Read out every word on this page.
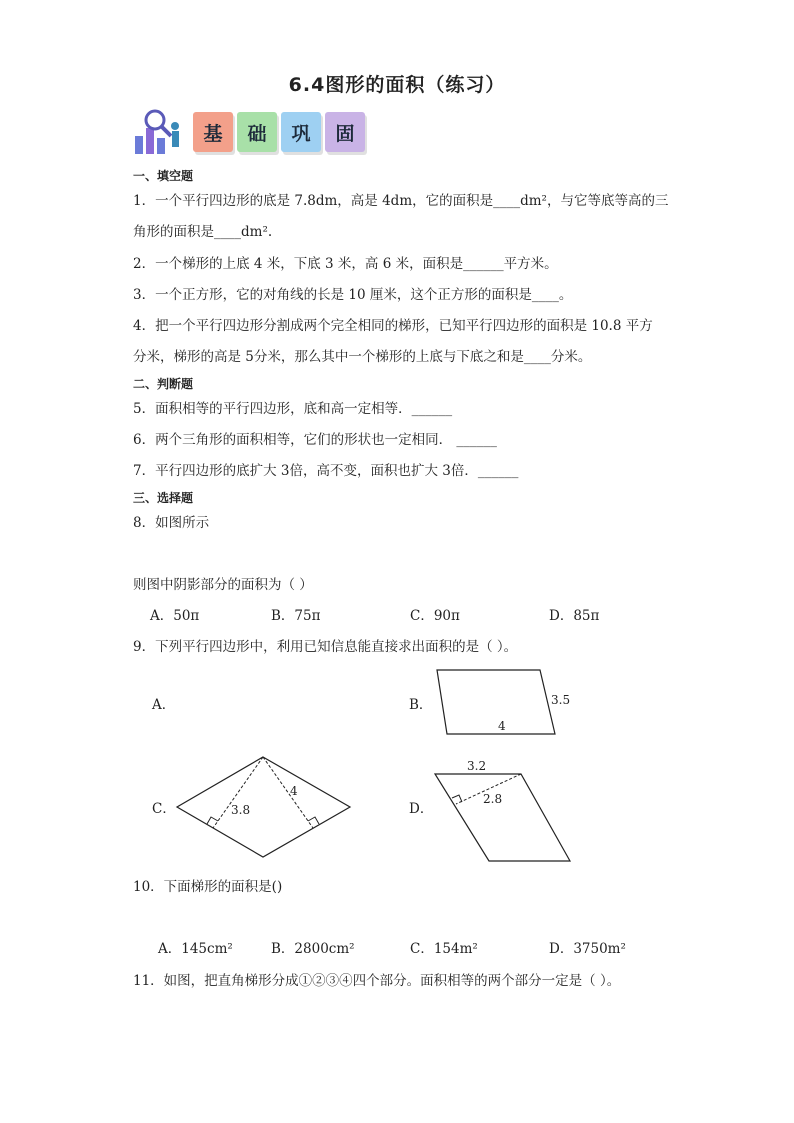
6.4图形的面积（练习）
基	础	巩	固
一、填空题
1．一个平行四边形的底是 7.8dm，高是 4dm，它的面积是____dm²，与它等底等高的三
角形的面积是____dm².
2．一个梯形的上底 4 米，下底 3 米，高 6 米，面积是______平方米。
3．一个正方形，它的对角线的长是 10 厘米，这个正方形的面积是____。
4．把一个平行四边形分割成两个完全相同的梯形，已知平行四边形的面积是 10.8 平方
分米，梯形的高是 5分米，那么其中一个梯形的上底与下底之和是____分米。
二、判断题
5．面积相等的平行四边形，底和高一定相等．______
6．两个三角形的面积相等，它们的形状也一定相同． ______
7．平行四边形的底扩大 3倍，高不变，面积也扩大 3倍．______
三、选择题
8．如图所示
则图中阴影部分的面积为（ ）
A．50π	B．75π	C．90π	D．85π
9．下列平行四边形中，利用已知信息能直接求出面积的是（ ）。
A．	B．
C．	D．
3.5
4
3.8
4
3.2
2.8
10．下面梯形的面积是()
A．145cm²	B．2800cm²	C．154m²	D．3750m²
11．如图，把直角梯形分成①②③④四个部分。面积相等的两个部分一定是（ ）。
